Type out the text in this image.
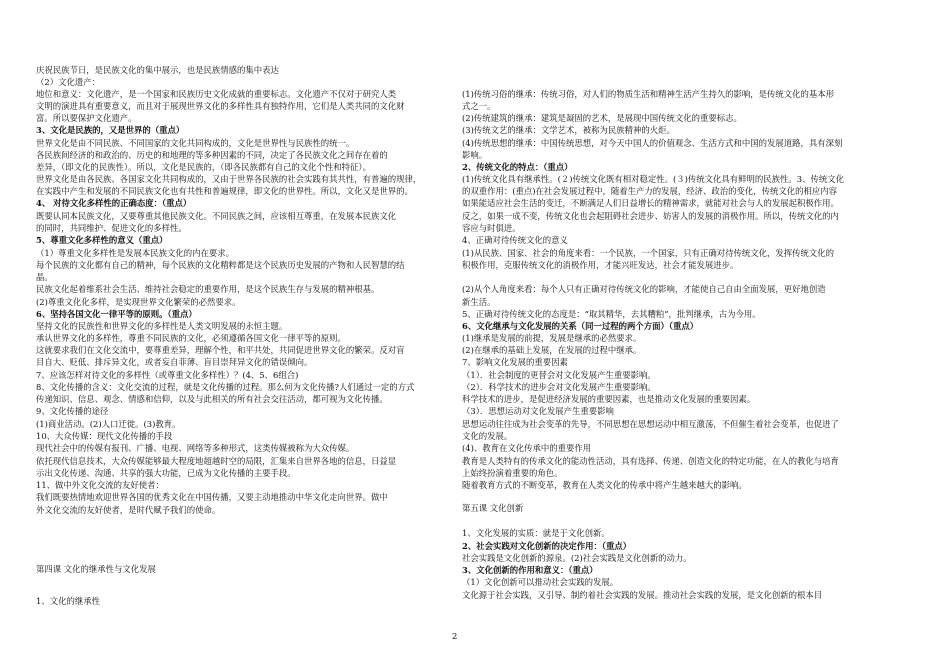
庆祝民族节日，是民族文化的集中展示，也是民族情感的集中表达
（2）文化遗产：
地位和意义：文化遗产，是一个国家和民族历史文化成就的重要标志。文化遗产不仅对于研究人类
文明的演进具有重要意义，而且对于展现世界文化的多样性具有独特作用，它们是人类共同的文化财
富。所以要保护文化遗产。
3、文化是民族的，又是世界的（重点）
世界文化是由不同民族、不同国家的文化共同构成的，文化是世界性与民族性的统一。
各民族间经济的和政治的、历史的和地理的等多种因素的不同，决定了各民族文化之间存在着的
差异，（即文化的民族性）。所以，文化是民族的，（即各民族都有自己的文化个性和特征）。
世界文化是由各民族、各国家文化共同构成的，又由于世界各民族的社会实践有其共性，有普遍的规律，
在实践中产生和发展的不同民族文化也有共性和普遍规律，即文化的世界性。所以，文化又是世界的。
4、 对待文化多样性的正确态度：（重点）
既要认同本民族文化，又要尊重其他民族文化。不同民族之间，应该相互尊重，在发展本民族文化
的同时，共同维护、促进文化的多样性。
5、尊重文化多样性的意义（重点）
（1）尊重文化多样性是发展本民族文化的内在要求。
每个民族的文化都有自己的精神，每个民族的文化精粹都是这个民族历史发展的产物和人民智慧的结
晶。
民族文化起着维系社会生活、维持社会稳定的重要作用，是这个民族生存与发展的精神根基。
(2)尊重文化化多样，是实现世界文化繁荣的必然要求。
6、坚持各国文化一律平等的原则。（重点）
坚持文化的民族性和世界文化的多样性是人类文明发展的永恒主题。
承认世界文化的多样性，尊重不同民族的文化，必须遵循各国文化一律平等的原则。
这就要求我们在文化交流中，要尊重差异，理解个性，和平共处，共同促进世界文化的繁荣。反对盲
目自大、贬低、排斥异文化，或者妄自菲薄、盲目崇拜异文化的错误倾向。
7、应该怎样对待文化的多样性（或尊重文化多样性）？(4、5、6组合)
8、文化传播的含义：文化交流的过程，就是文化传播的过程。那么何为文化传播?人们通过一定的方式
传递知识、信息、观念、情感和信仰，以及与此相关的所有社会交往活动，都可视为文化传播。
9、文化传播的途径
(1)商业活动。(2)人口迁徙。(3)教育。
10、大众传媒：现代文化传播的手段
现代社会中的传媒有报刊、广播、电视、网络等多种形式，这类传媒被称为大众传媒。
依托现代信息技术，大众传媒能够最大程度地超越时空的局限，汇集来自世界各地的信息，日益显
示出文化传递、沟通、共享的强大功能，已成为文化传播的主要手段。
11、做中外文化交流的友好使者：
我们既要热情地欢迎世界各国的优秀文化在中国传播，又要主动地推动中华文化走向世界。做中
外文化交流的友好使者，是时代赋予我们的使命。
第四课 文化的继承性与文化发展
1、文化的继承性
(1)传统习俗的继承：传统习俗，对人们的物质生活和精神生活产生持久的影响，是传统文化的基本形
式之一。
(2)传统建筑的继承：建筑是凝固的艺术，是展现中国传统文化的重要标志。
(3)传统文艺的继承：文学艺术，被称为民族精神的火炬。
(4)传统思想的继承：中国传统思想，对今天中国人的价值观念、生活方式和中国的发展道路，具有深刻
影响。
2、传统文化的特点：（重点）
(1)传统文化具有继承性。(２)传统文化既有相对稳定性。(３)传统文化具有鲜明的民族性。3、传统文化
的双重作用：(重点)在社会发展过程中，随着生产力的发展，经济、政治的变化，传统文化的相应内容
如果能适应社会生活的变迁，不断满足人们日益增长的精神需求，就能对社会与人的发展起积极作用。
反之，如果一成不变，传统文化也会起阻碍社会进步、妨害人的发展的消极作用。所以，传统文化的内
容应与时俱进。
4、正确对待传统文化的意义
(1)从民族、国家、社会的角度来看：一个民族，一个国家，只有正确对待传统文化，发挥传统文化的
积极作用，克服传统文化的消极作用，才能兴旺发达，社会才能发展进步。
(2)从个人角度来看：每个人只有正确对待传统文化的影响，才能使自己自由全面发展，更好地创造
新生活。
5、正确对待传统文化的态度是：“取其精华，去其糟粕”，批判继承，古为今用。
6、文化继承与文化发展的关系（同一过程的两个方面）（重点）
(1)继承是发展的前提，发展是继承的必然要求。
(2)在继承的基础上发展，在发展的过程中继承。
7、影响文化发展的重要因素
（1）．社会制度的更替会对文化发展产生重要影响。
（2）．科学技术的进步会对文化发展产生重要影响。
科学技术的进步，是促进经济发展的重要因素，也是推动文化发展的重要因素。
（3）．思想运动对文化发展产生重要影响
思想运动往往成为社会变革的先导，不同思想在思想运动中相互激荡，不但催生着社会变革，也促进了
文化的发展。
(4)、教育在文化传承中的重要作用
教育是人类特有的传承文化的能动性活动，具有选择、传递、创造文化的特定功能，在人的教化与培育
上始终扮演着重要的角色。
随着教育方式的不断变革，教育在人类文化的传承中将产生越来越大的影响。
第五课 文化创新
1、文化发展的实质：就是于文化创新。
2、社会实践对文化创新的决定作用：（重点）
社会实践是文化创新的源泉。(2)社会实践是文化创新的动力。
3、文化创新的作用和意义：（重点）
（1）文化创新可以推动社会实践的发展。
文化源于社会实践，又引导、制约着社会实践的发展。推动社会实践的发展，是文化创新的根本目
2
